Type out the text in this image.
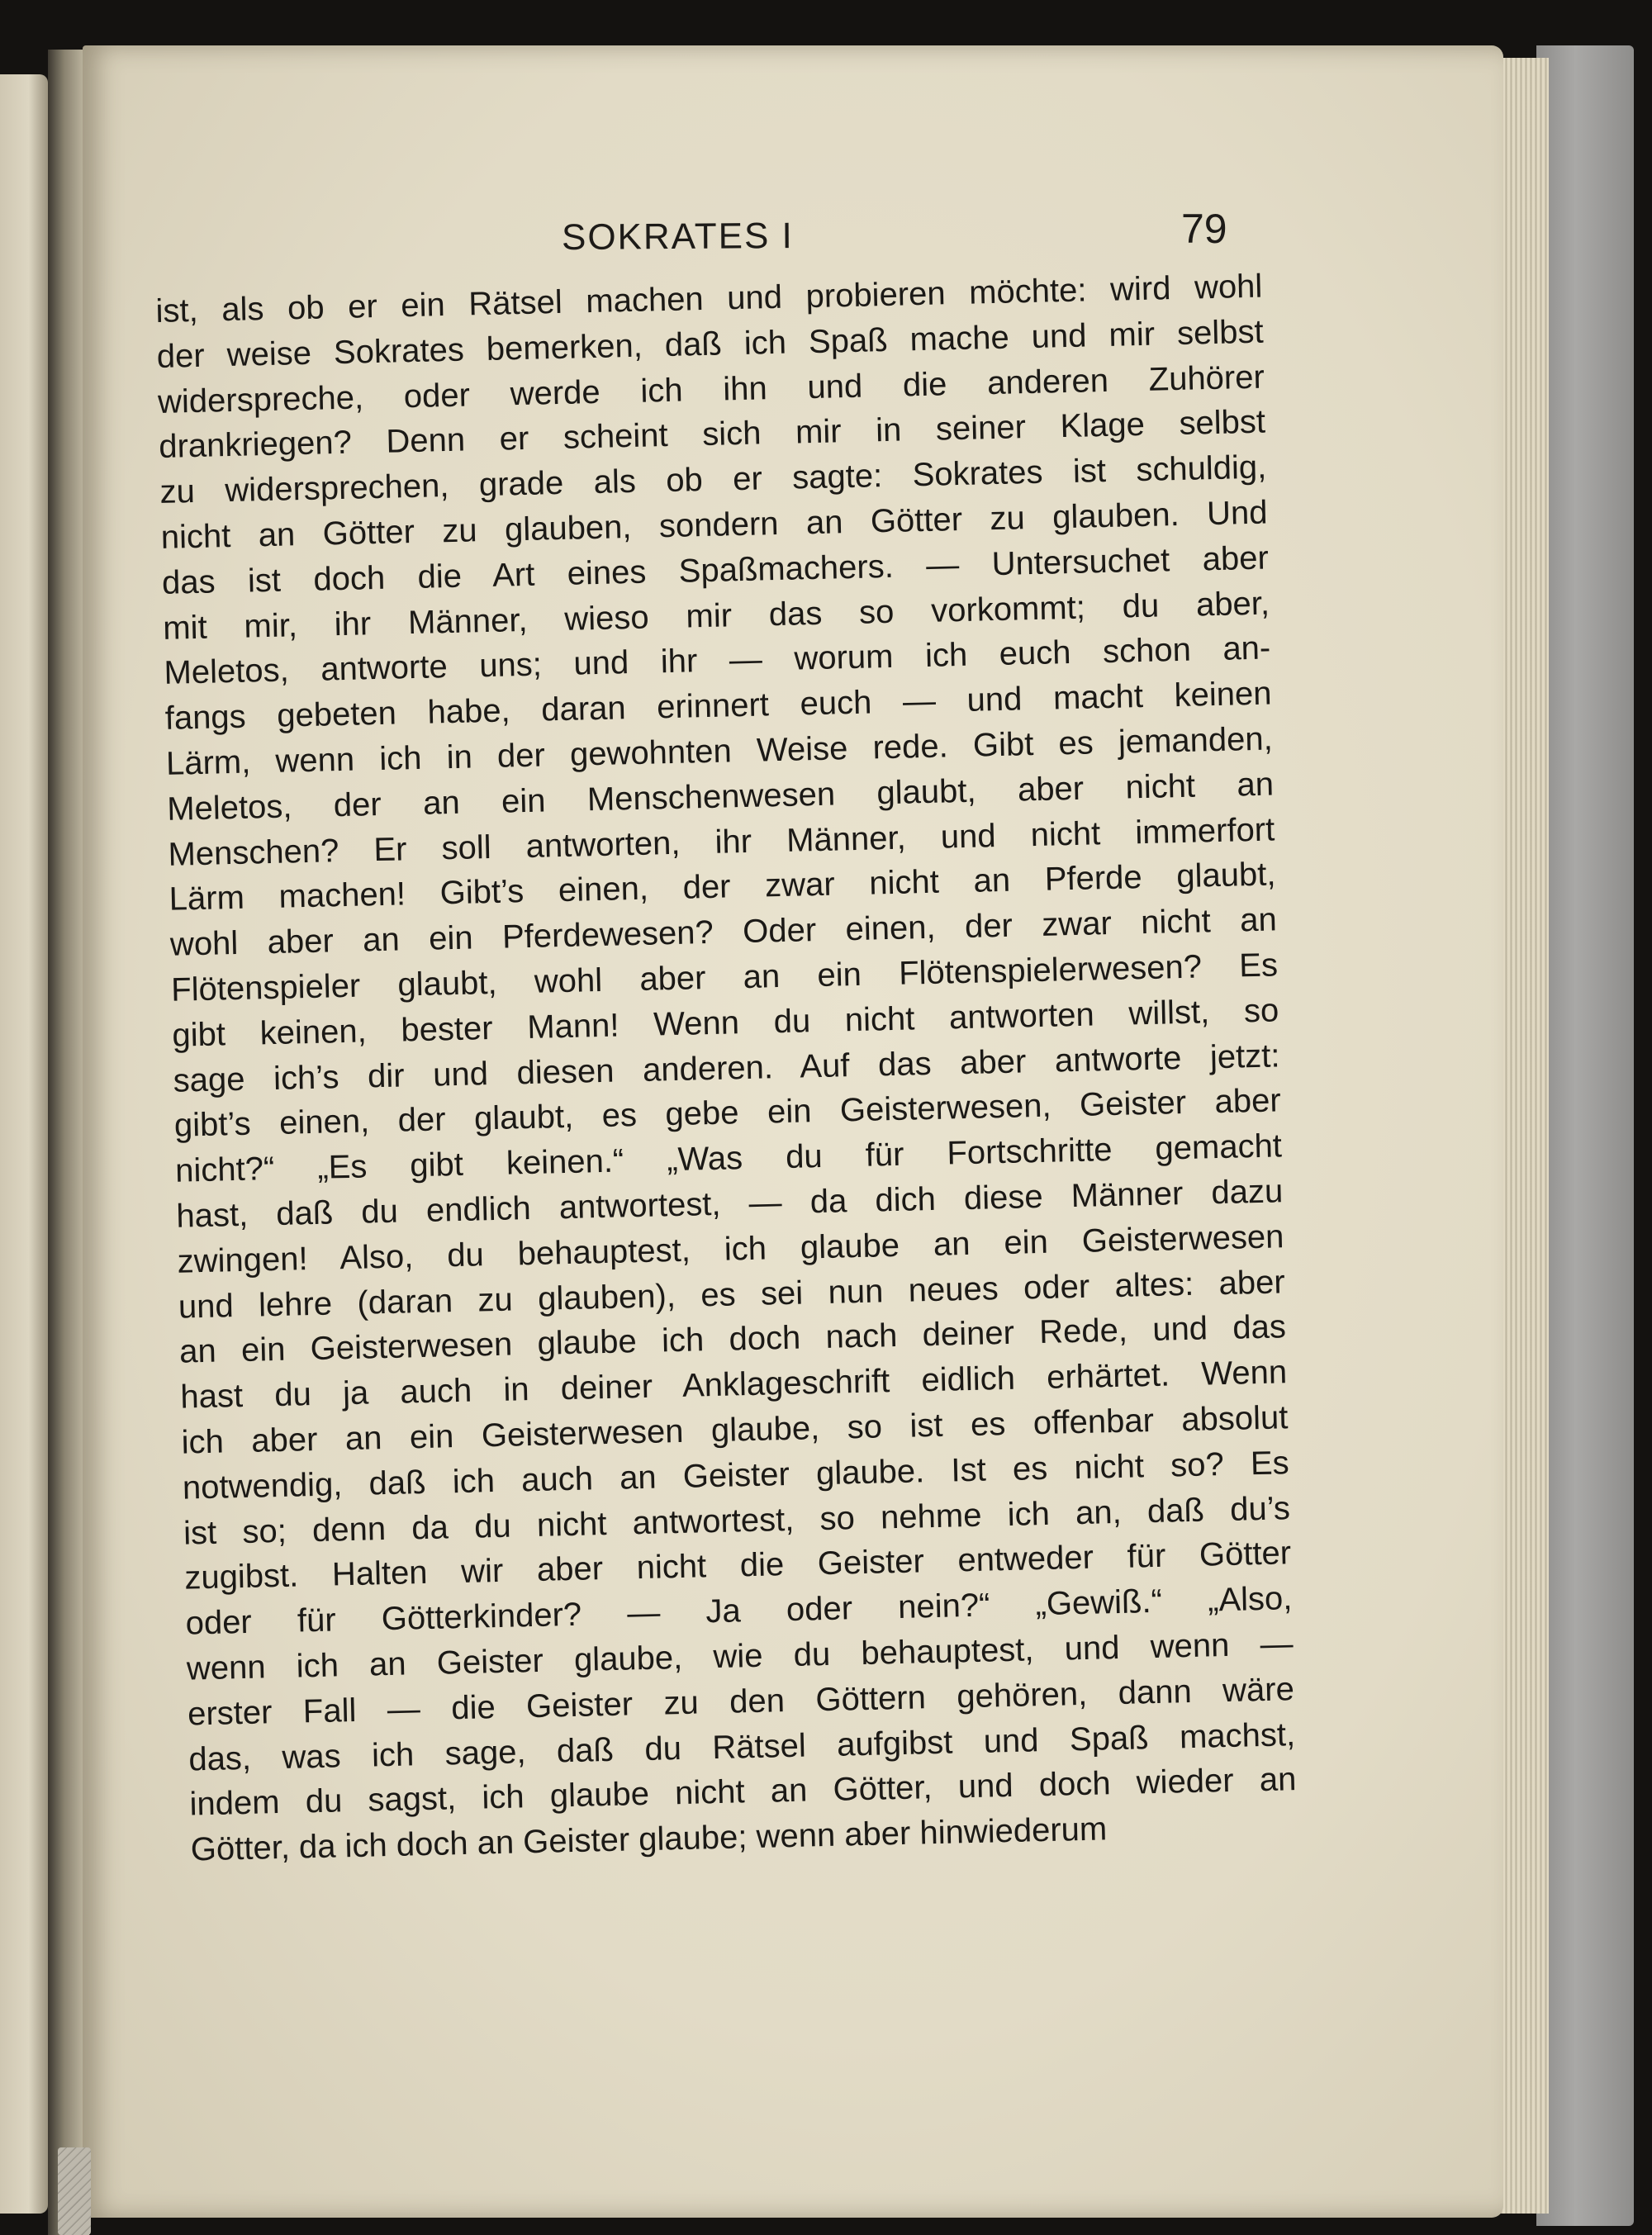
SOKRATES I	79
ist, als ob er ein Rätsel machen und probieren möchte: wird wohl
der weise Sokrates bemerken, daß ich Spaß mache und mir selbst
widerspreche, oder werde ich ihn und die anderen Zuhörer
drankriegen? Denn er scheint sich mir in seiner Klage selbst
zu widersprechen, grade als ob er sagte: Sokrates ist schuldig,
nicht an Götter zu glauben, sondern an Götter zu glauben. Und
das ist doch die Art eines Spaßmachers. — Untersuchet aber
mit mir, ihr Männer, wieso mir das so vorkommt; du aber,
Meletos, antworte uns; und ihr — worum ich euch schon an-
fangs gebeten habe, daran erinnert euch — und macht keinen
Lärm, wenn ich in der gewohnten Weise rede. Gibt es jemanden,
Meletos, der an ein Menschenwesen glaubt, aber nicht an
Menschen? Er soll antworten, ihr Männer, und nicht immerfort
Lärm machen! Gibt’s einen, der zwar nicht an Pferde glaubt,
wohl aber an ein Pferdewesen? Oder einen, der zwar nicht an
Flötenspieler glaubt, wohl aber an ein Flötenspielerwesen? Es
gibt keinen, bester Mann! Wenn du nicht antworten willst, so
sage ich’s dir und diesen anderen. Auf das aber antworte jetzt:
gibt’s einen, der glaubt, es gebe ein Geisterwesen, Geister aber
nicht?“ „Es gibt keinen.“ „Was du für Fortschritte gemacht
hast, daß du endlich antwortest, — da dich diese Männer dazu
zwingen! Also, du behauptest, ich glaube an ein Geisterwesen
und lehre (daran zu glauben), es sei nun neues oder altes: aber
an ein Geisterwesen glaube ich doch nach deiner Rede, und das
hast du ja auch in deiner Anklageschrift eidlich erhärtet. Wenn
ich aber an ein Geisterwesen glaube, so ist es offenbar absolut
notwendig, daß ich auch an Geister glaube. Ist es nicht so? Es
ist so; denn da du nicht antwortest, so nehme ich an, daß du’s
zugibst. Halten wir aber nicht die Geister entweder für Götter
oder für Götterkinder? — Ja oder nein?“ „Gewiß.“ „Also,
wenn ich an Geister glaube, wie du behauptest, und wenn —
erster Fall — die Geister zu den Göttern gehören, dann wäre
das, was ich sage, daß du Rätsel aufgibst und Spaß machst,
indem du sagst, ich glaube nicht an Götter, und doch wieder an
Götter, da ich doch an Geister glaube; wenn aber hinwiederum
